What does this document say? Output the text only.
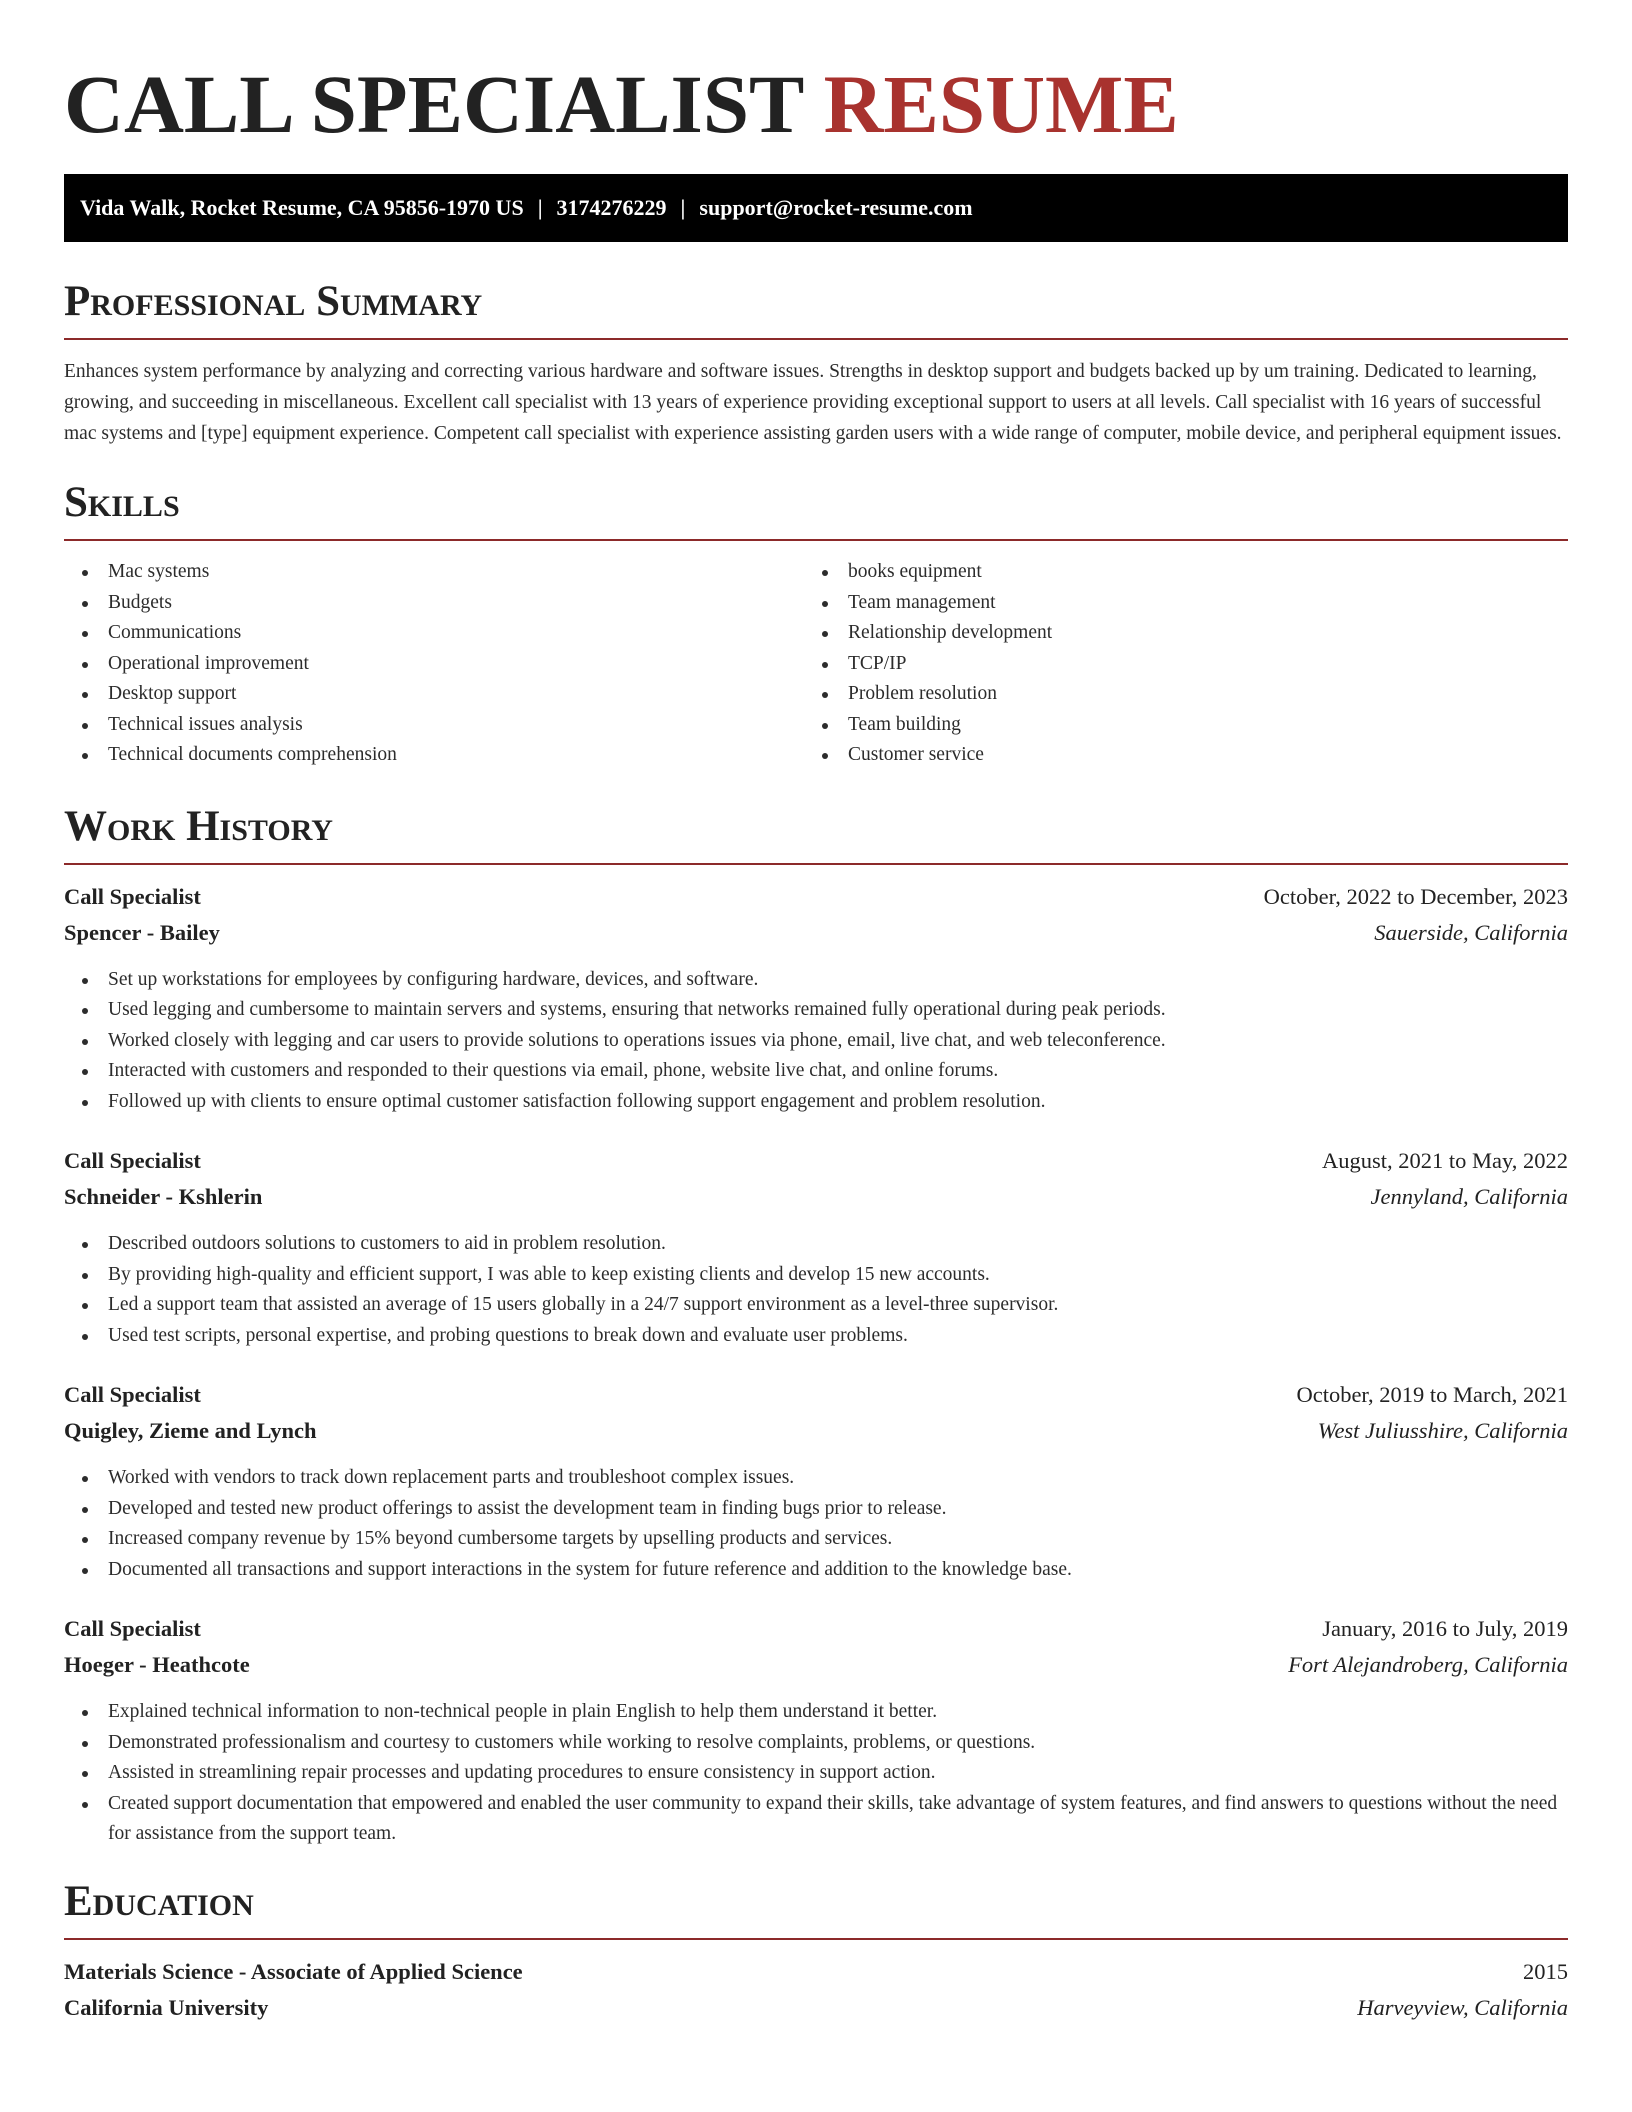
CALL SPECIALIST RESUME
Vida Walk, Rocket Resume, CA 95856-1970 US | 3174276229 | support@rocket-resume.com
Professional Summary

Enhances system performance by analyzing and correcting various hardware and software issues. Strengths in desktop support and budgets backed up by um training. Dedicated to learning, growing, and succeeding in miscellaneous. Excellent call specialist with 13 years of experience providing exceptional support to users at all levels. Call specialist with 16 years of successful mac systems and [type] equipment experience. Competent call specialist with experience assisting garden users with a wide range of computer, mobile device, and peripheral equipment issues.

Skills
Mac systems
Budgets
Communications
Operational improvement
Desktop support
Technical issues analysis
Technical documents comprehension
books equipment
Team management
Relationship development
TCP/IP
Problem resolution
Team building
Customer service
Work History
Call Specialist	October, 2022 to December, 2023
Spencer - Bailey	Sauerside, California
Set up workstations for employees by configuring hardware, devices, and software.
Used legging and cumbersome to maintain servers and systems, ensuring that networks remained fully operational during peak periods.
Worked closely with legging and car users to provide solutions to operations issues via phone, email, live chat, and web teleconference.
Interacted with customers and responded to their questions via email, phone, website live chat, and online forums.
Followed up with clients to ensure optimal customer satisfaction following support engagement and problem resolution.
Call Specialist	August, 2021 to May, 2022
Schneider - Kshlerin	Jennyland, California
Described outdoors solutions to customers to aid in problem resolution.
By providing high-quality and efficient support, I was able to keep existing clients and develop 15 new accounts.
Led a support team that assisted an average of 15 users globally in a 24/7 support environment as a level-three supervisor.
Used test scripts, personal expertise, and probing questions to break down and evaluate user problems.
Call Specialist	October, 2019 to March, 2021
Quigley, Zieme and Lynch	West Juliusshire, California
Worked with vendors to track down replacement parts and troubleshoot complex issues.
Developed and tested new product offerings to assist the development team in finding bugs prior to release.
Increased company revenue by 15% beyond cumbersome targets by upselling products and services.
Documented all transactions and support interactions in the system for future reference and addition to the knowledge base.
Call Specialist	January, 2016 to July, 2019
Hoeger - Heathcote	Fort Alejandroberg, California
Explained technical information to non-technical people in plain English to help them understand it better.
Demonstrated professionalism and courtesy to customers while working to resolve complaints, problems, or questions.
Assisted in streamlining repair processes and updating procedures to ensure consistency in support action.
Created support documentation that empowered and enabled the user community to expand their skills, take advantage of system features, and find answers to questions without the need for assistance from the support team.
Education
Materials Science - Associate of Applied Science	2015
California University	Harveyview, California
